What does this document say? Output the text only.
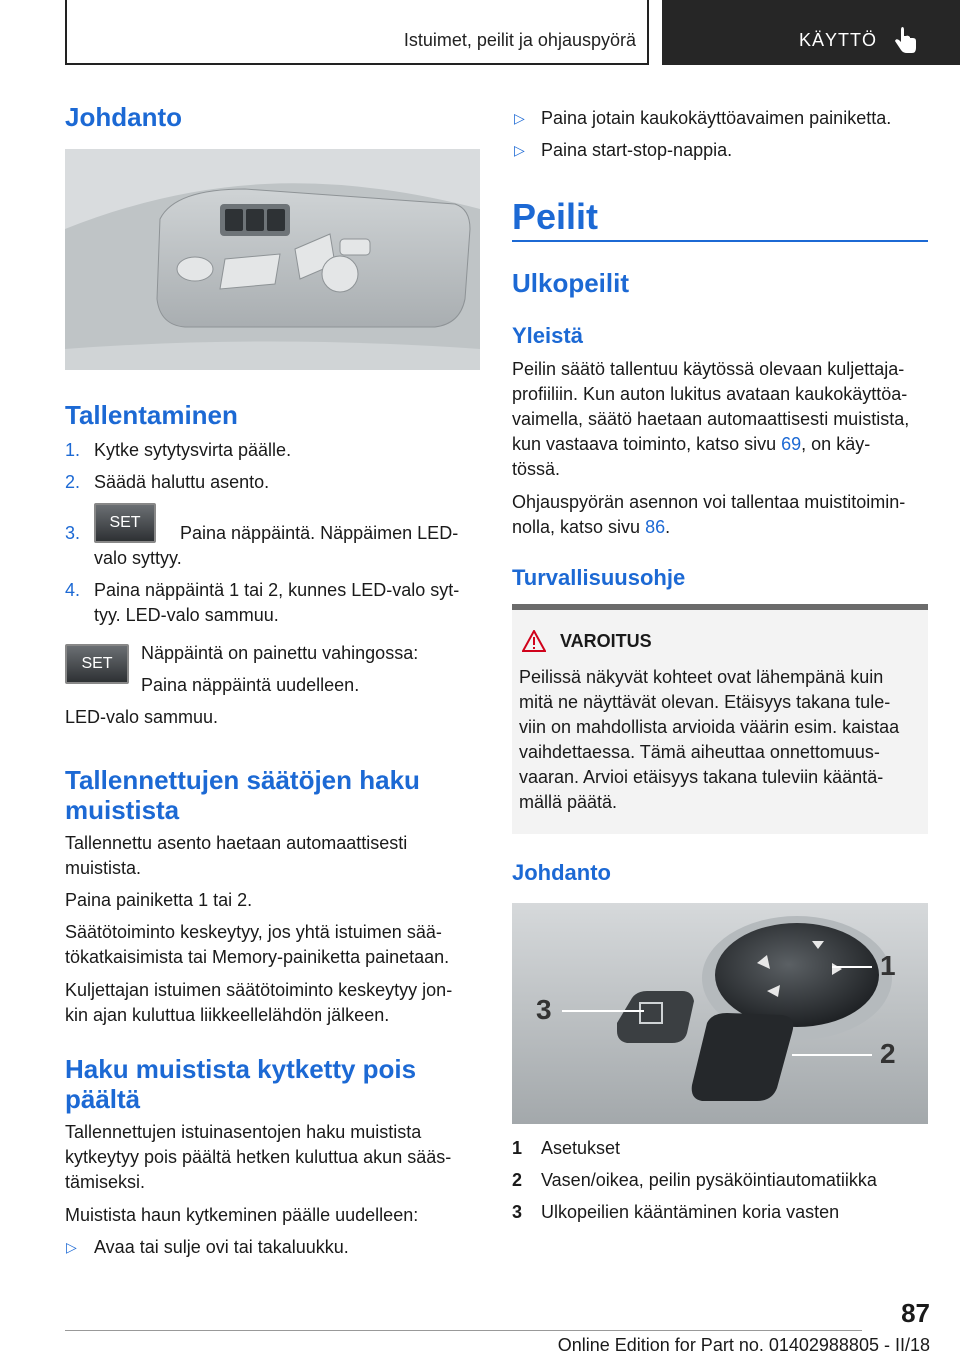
Istuimet, peilit ja ohjauspyörä	KÄYTTÖ
Johdanto
Tallentaminen
1. Kytke sytytysvirta päälle.
2. Säädä haluttu asento.
3.
SET
Paina näppäintä. Näppäimen LED-
valo syttyy.
4. Paina näppäintä 1 tai 2, kunnes LED-valo syt-
tyy. LED-valo sammuu.
SET
Näppäintä on painettu vahingossa:
Paina näppäintä uudelleen.
LED-valo sammuu.
Tallennettujen säätöjen haku
muistista
Tallennettu asento haetaan automaattisesti
muistista.
Paina painiketta 1 tai 2.
Säätötoiminto keskeytyy, jos yhtä istuimen sää-
tökatkaisimista tai Memory-painiketta painetaan.
Kuljettajan istuimen säätötoiminto keskeytyy jon-
kin ajan kuluttua liikkeellelähdön jälkeen.
Haku muistista kytketty pois
päältä
Tallennettujen istuinasentojen haku muistista
kytkeytyy pois päältä hetken kuluttua akun sääs-
tämiseksi.
Muistista haun kytkeminen päälle uudelleen:
▷ Avaa tai sulje ovi tai takaluukku.
▷ Paina jotain kaukokäyttöavaimen painiketta.
▷ Paina start-stop-nappia.
Peilit
Ulkopeilit
Yleistä
Peilin säätö tallentuu käytössä olevaan kuljettaja-
profiiliin. Kun auton lukitus avataan kaukokäyttöa-
vaimella, säätö haetaan automaattisesti muistista,
kun vastaava toiminto, katso sivu 69, on käy-
tössä.
Ohjauspyörän asennon voi tallentaa muistitoimin-
nolla, katso sivu 86.
Turvallisuusohje
VAROITUS
Peilissä näkyvät kohteet ovat lähempänä kuin
mitä ne näyttävät olevan. Etäisyys takana tule-
viin on mahdollista arvioida väärin esim. kaistaa
vaihdettaessa. Tämä aiheuttaa onnettomuus-
vaaran. Arvioi etäisyys takana tuleviin kääntä-
mällä päätä.
Johdanto
1
2
3
1 Asetukset
2 Vasen/oikea, peilin pysäköintiautomatiikka
3 Ulkopeilien kääntäminen koria vasten
87
Online Edition for Part no. 01402988805 - II/18
